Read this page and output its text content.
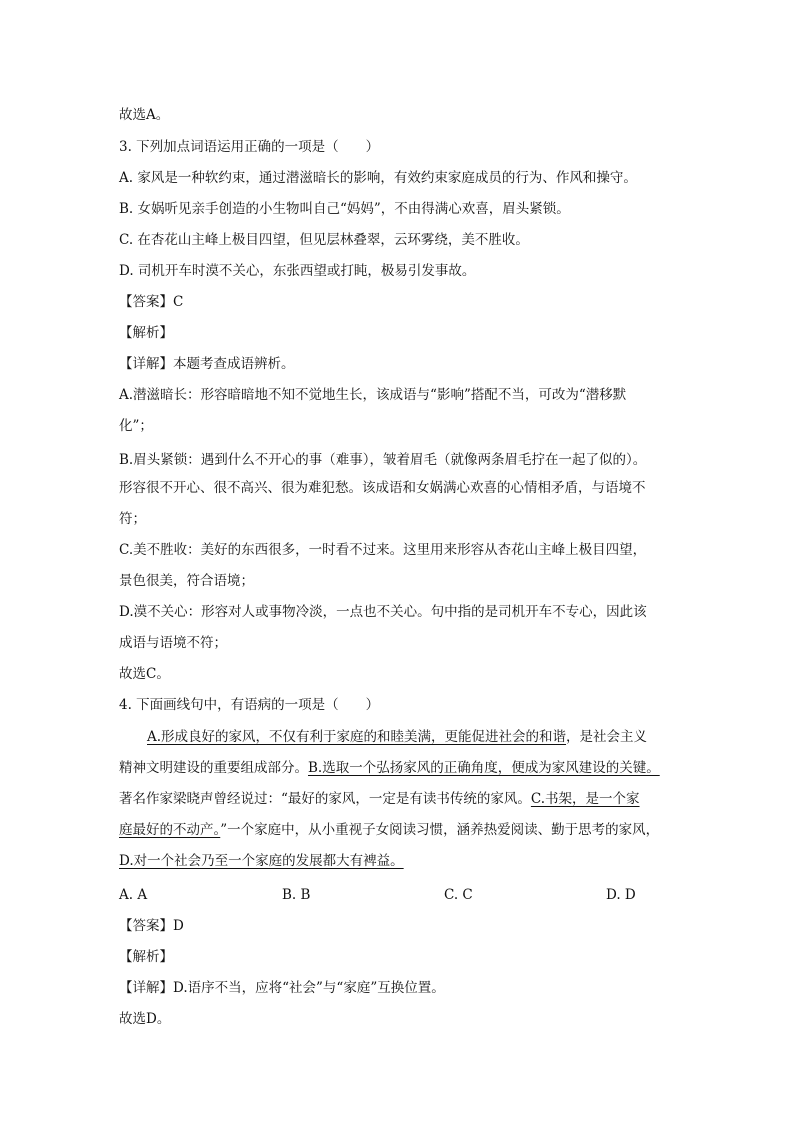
故选A。
3. 下列加点词语运用正确的一项是（　　）
A. 家风是一种软约束，通过潜滋暗长的影响，有效约束家庭成员的行为、作风和操守。
B. 女娲听见亲手创造的小生物叫自己“妈妈”，不由得满心欢喜，眉头紧锁。
C. 在杏花山主峰上极目四望，但见层林叠翠，云环雾绕，美不胜收。
D. 司机开车时漠不关心，东张西望或打盹，极易引发事故。
【答案】C
【解析】
【详解】本题考查成语辨析。
A.潜滋暗长：形容暗暗地不知不觉地生长，该成语与“影响”搭配不当，可改为“潜移默
化”；
B.眉头紧锁：遇到什么不开心的事（难事），皱着眉毛（就像两条眉毛拧在一起了似的）。
形容很不开心、很不高兴、很为难犯愁。该成语和女娲满心欢喜的心情相矛盾，与语境不
符；
C.美不胜收：美好的东西很多，一时看不过来。这里用来形容从杏花山主峰上极目四望，
景色很美，符合语境；
D.漠不关心：形容对人或事物冷淡，一点也不关心。句中指的是司机开车不专心，因此该
成语与语境不符；
故选C。
4. 下面画线句中，有语病的一项是（　　）
A.形成良好的家风，不仅有利于家庭的和睦美满，更能促进社会的和谐，是社会主义
精神文明建设的重要组成部分。B.选取一个弘扬家风的正确角度，便成为家风建设的关键。
著名作家梁晓声曾经说过：“最好的家风，一定是有读书传统的家风。C.书架，是一个家
庭最好的不动产。”一个家庭中，从小重视子女阅读习惯，涵养热爱阅读、勤于思考的家风，
D.对一个社会乃至一个家庭的发展都大有裨益。
A. A	B. B	C. C	D. D
【答案】D
【解析】
【详解】D.语序不当，应将“社会”与“家庭”互换位置。
故选D。
